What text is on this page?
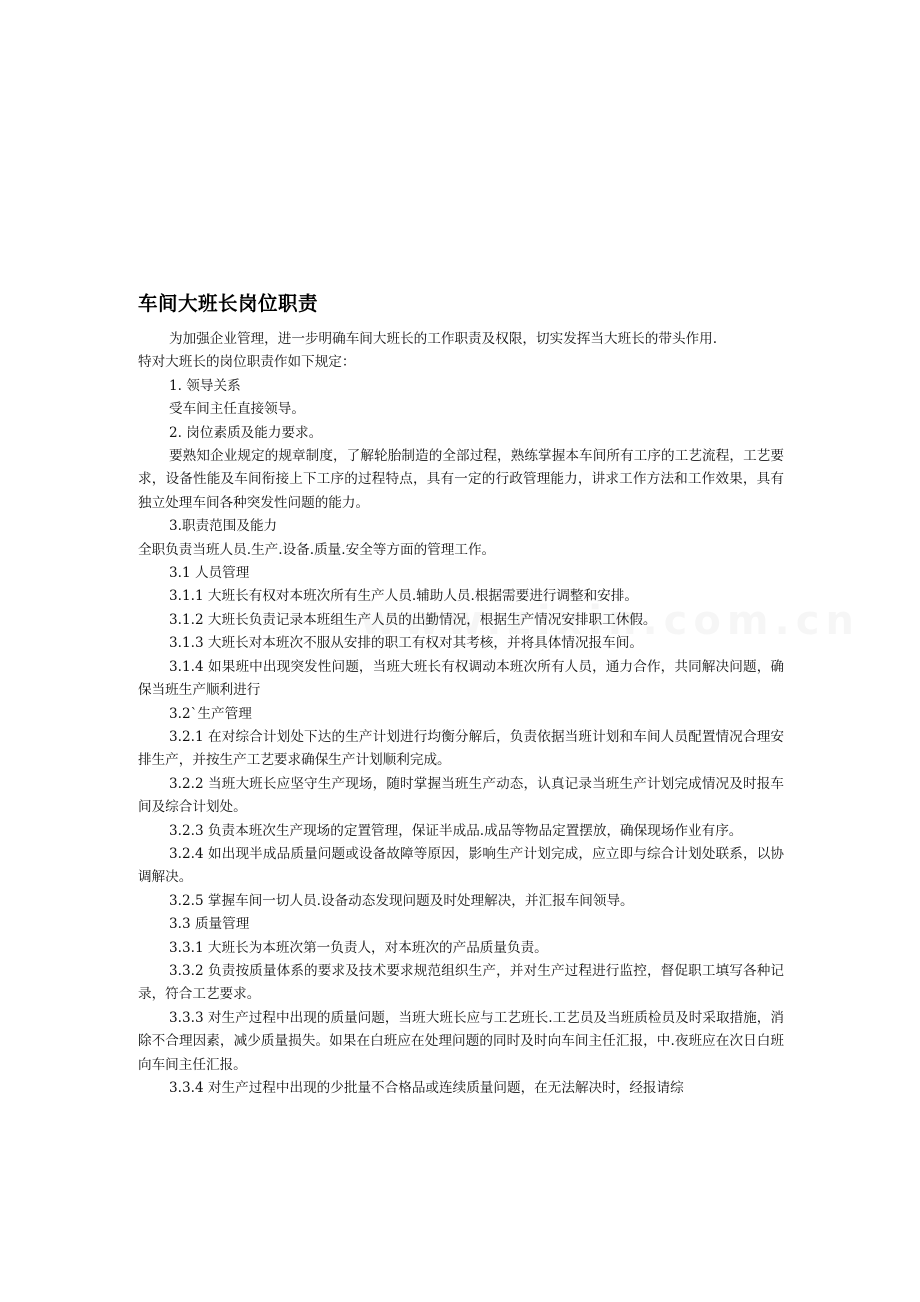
车间大班长岗位职责

为加强企业管理，进一步明确车间大班长的工作职责及权限，切实发挥当大班长的带头作用.

特对大班长的岗位职责作如下规定：

1. 领导关系

受车间主任直接领导。

2. 岗位素质及能力要求。

要熟知企业规定的规章制度，了解轮胎制造的全部过程，熟练掌握本车间所有工序的工艺流程，工艺要求，设备性能及车间衔接上下工序的过程特点，具有一定的行政管理能力，讲求工作方法和工作效果，具有独立处理车间各种突发性问题的能力。

3.职责范围及能力

全职负责当班人员.生产.设备.质量.安全等方面的管理工作。

3.1 人员管理

3.1.1 大班长有权对本班次所有生产人员.辅助人员.根据需要进行调整和安排。

3.1.2 大班长负责记录本班组生产人员的出勤情况，根据生产情况安排职工休假。

3.1.3 大班长对本班次不服从安排的职工有权对其考核，并将具体情况报车间。

3.1.4 如果班中出现突发性问题，当班大班长有权调动本班次所有人员，通力合作，共同解决问题，确保当班生产顺利进行

3.2`生产管理

3.2.1 在对综合计划处下达的生产计划进行均衡分解后，负责依据当班计划和车间人员配置情况合理安排生产，并按生产工艺要求确保生产计划顺利完成。

3.2.2 当班大班长应坚守生产现场，随时掌握当班生产动态，认真记录当班生产计划完成情况及时报车间及综合计划处。

3.2.3 负责本班次生产现场的定置管理，保证半成品.成品等物品定置摆放，确保现场作业有序。

3.2.4 如出现半成品质量问题或设备故障等原因，影响生产计划完成，应立即与综合计划处联系，以协调解决。

3.2.5 掌握车间一切人员.设备动态发现问题及时处理解决，并汇报车间领导。

3.3 质量管理

3.3.1 大班长为本班次第一负责人，对本班次的产品质量负责。

3.3.2 负责按质量体系的要求及技术要求规范组织生产，并对生产过程进行监控，督促职工填写各种记录，符合工艺要求。

3.3.3 对生产过程中出现的质量问题，当班大班长应与工艺班长.工艺员及当班质检员及时采取措施，消除不合理因素，减少质量损失。如果在白班应在处理问题的同时及时向车间主任汇报，中.夜班应在次日白班向车间主任汇报。

3.3.4 对生产过程中出现的少批量不合格品或连续质量问题，在无法解决时，经报请综
